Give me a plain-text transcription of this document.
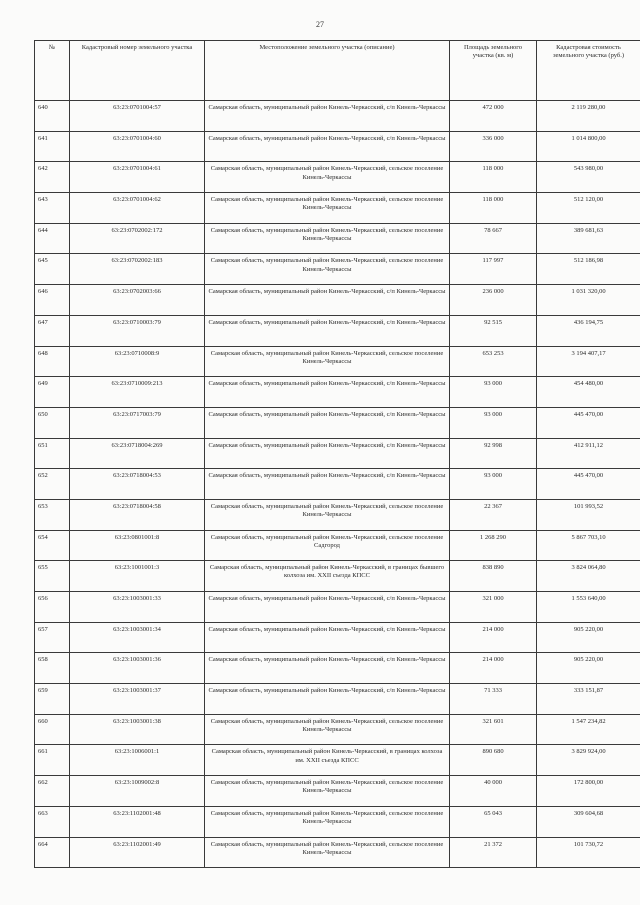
27
№	Кадастровый номер земельного участка	Местоположение земельного участка (описание)	Площадь земельного участка (кв. м)	Кадастровая стоимость земельного участка (руб.)
640	63:23:0701004:57	Самарская область, муниципальный район Кинель-Черкасский, с/п Кинель-Черкассы	472 000	2 119 280,00
641	63:23:0701004:60	Самарская область, муниципальный район Кинель-Черкасский, с/п Кинель-Черкассы	336 000	1 014 800,00
642	63:23:0701004:61	Самарская область, муниципальный район Кинель-Черкасский, сельское поселение Кинель-Черкассы	118 000	543 980,00
643	63:23:0701004:62	Самарская область, муниципальный район Кинель-Черкасский, сельское поселение Кинель-Черкассы	118 000	512 120,00
644	63:23:0702002:172	Самарская область, муниципальный район Кинель-Черкасский, сельское поселение Кинель-Черкассы	78 667	389 681,63
645	63:23:0702002:183	Самарская область, муниципальный район Кинель-Черкасский, сельское поселение Кинель-Черкассы	117 997	512 186,98
646	63:23:0702003:66	Самарская область, муниципальный район Кинель-Черкасский, с/п Кинель-Черкассы	236 000	1 031 320,00
647	63:23:0710003:79	Самарская область, муниципальный район Кинель-Черкасский, с/п Кинель-Черкассы	92 515	436 194,75
648	63:23:0710008:9	Самарская область, муниципальный район Кинель-Черкасский, сельское поселение Кинель-Черкассы	653 253	3 194 407,17
649	63:23:0710009:213	Самарская область, муниципальный район Кинель-Черкасский, с/п Кинель-Черкассы	93 000	454 480,00
650	63:23:0717003:79	Самарская область, муниципальный район Кинель-Черкасский, с/п Кинель-Черкассы	93 000	445 470,00
651	63:23:0718004:269	Самарская область, муниципальный район Кинель-Черкасский, с/п Кинель-Черкассы	92 998	412 911,12
652	63:23:0718004:53	Самарская область, муниципальный район Кинель-Черкасский, с/п Кинель-Черкассы	93 000	445 470,00
653	63:23:0718004:58	Самарская область, муниципальный район Кинель-Черкасский, сельское поселение Кинель-Черкассы	22 367	101 993,52
654	63:23:0801001:8	Самарская область, муниципальный район Кинель-Черкасский, сельское поселение Садгород	1 268 290	5 867 703,10
655	63:23:1001001:3	Самарская область, муниципальный район Кинель-Черкасский, в границах бывшего колхоза им. XXII съезда КПСС	838 890	3 824 064,80
656	63:23:1003001:33	Самарская область, муниципальный район Кинель-Черкасский, с/п Кинель-Черкассы	321 000	1 553 640,00
657	63:23:1003001:34	Самарская область, муниципальный район Кинель-Черкасский, с/п Кинель-Черкассы	214 000	905 220,00
658	63:23:1003001:36	Самарская область, муниципальный район Кинель-Черкасский, с/п Кинель-Черкассы	214 000	905 220,00
659	63:23:1003001:37	Самарская область, муниципальный район Кинель-Черкасский, с/п Кинель-Черкассы	71 333	333 151,87
660	63:23:1003001:38	Самарская область, муниципальный район Кинель-Черкасский, сельское поселение Кинель-Черкассы	321 601	1 547 234,82
661	63:23:1006001:1	Самарская область, муниципальный район Кинель-Черкасский, в границах колхоза им. XXII съезда КПСС	890 680	3 829 924,00
662	63:23:1009002:8	Самарская область, муниципальный район Кинель-Черкасский, сельское поселение Кинель-Черкассы	40 000	172 800,00
663	63:23:1102001:48	Самарская область, муниципальный район Кинель-Черкасский, сельское поселение Кинель-Черкассы	65 043	309 604,68
664	63:23:1102001:49	Самарская область, муниципальный район Кинель-Черкасский, сельское поселение Кинель-Черкассы	21 372	101 730,72
